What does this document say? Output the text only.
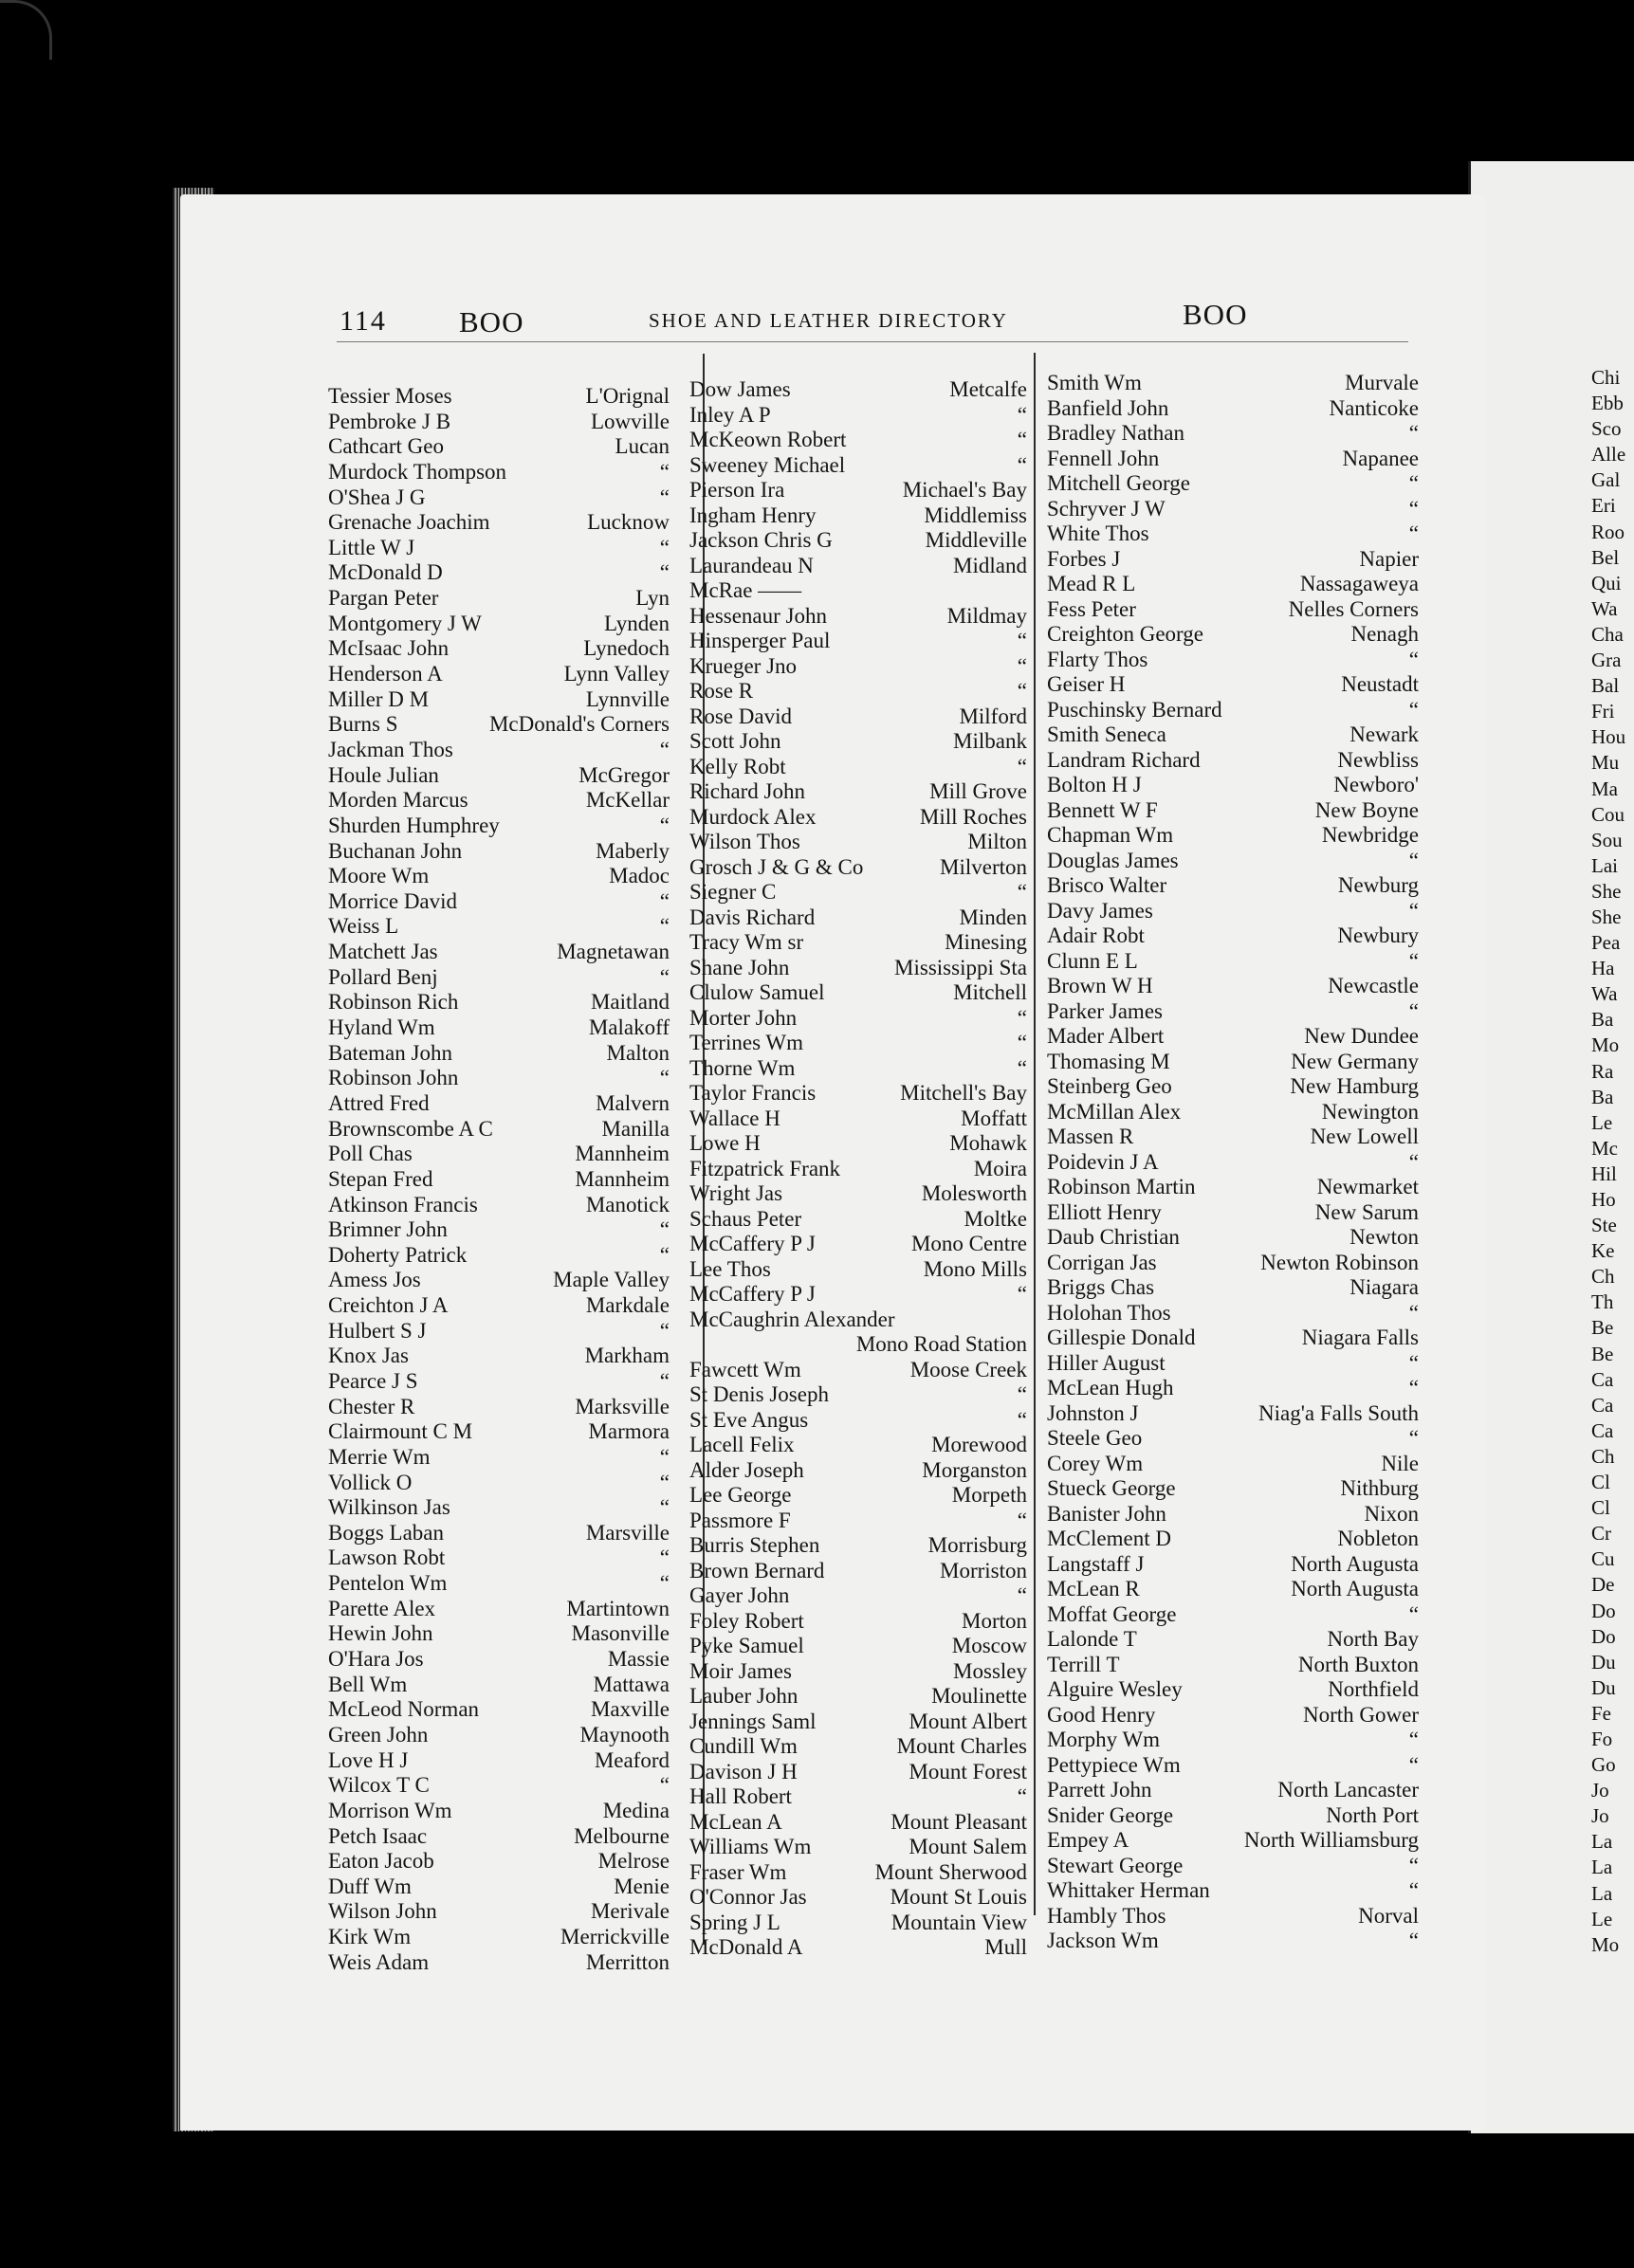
Chi
Ebb
Sco
Alle
Gal
Eri
Roo
Bel
Qui
Wa
Cha
Gra
Bal
Fri
Hou
Mu
Ma
Cou
Sou
Lai
She
She
Pea
Ha
Wa
Ba
Mo
Ra
Ba
Le
Mc
Hil
Ho
Ste
Ke
Ch
Th
Be
Be
Ca
Ca
Ca
Ch
Cl
Cl
Cr
Cu
De
Do
Do
Du
Du
Fe
Fo
Go
Jo
Jo
La
La
La
Le
Mo
114 BOO	SHOE AND LEATHER DIRECTORY	BOO
Tessier Moses	L'Orignal
Pembroke J B	Lowville
Cathcart Geo	Lucan
Murdock Thompson	“
O'Shea J G	“
Grenache Joachim	Lucknow
Little W J	“
McDonald D	“
Pargan Peter	Lyn
Montgomery J W	Lynden
McIsaac John	Lynedoch
Henderson A	Lynn Valley
Miller D M	Lynnville
Burns S	McDonald's Corners
Jackman Thos	“
Houle Julian	McGregor
Morden Marcus	McKellar
Shurden Humphrey	“
Buchanan John	Maberly
Moore Wm	Madoc
Morrice David	“
Weiss L	“
Matchett Jas	Magnetawan
Pollard Benj	“
Robinson Rich	Maitland
Hyland Wm	Malakoff
Bateman John	Malton
Robinson John	“
Attred Fred	Malvern
Brownscombe A C	Manilla
Poll Chas	Mannheim
Stepan Fred	Mannheim
Atkinson Francis	Manotick
Brimner John	“
Doherty Patrick	“
Amess Jos	Maple Valley
Creichton J A	Markdale
Hulbert S J	“
Knox Jas	Markham
Pearce J S	“
Chester R	Marksville
Clairmount C M	Marmora
Merrie Wm	“
Vollick O	“
Wilkinson Jas	“
Boggs Laban	Marsville
Lawson Robt	“
Pentelon Wm	“
Parette Alex	Martintown
Hewin John	Masonville
O'Hara Jos	Massie
Bell Wm	Mattawa
McLeod Norman	Maxville
Green John	Maynooth
Love H J	Meaford
Wilcox T C	“
Morrison Wm	Medina
Petch Isaac	Melbourne
Eaton Jacob	Melrose
Duff Wm	Menie
Wilson John	Merivale
Kirk Wm	Merrickville
Weis Adam	Merritton
Dow James	Metcalfe
Inley A P	“
McKeown Robert	“
Sweeney Michael	“
Pierson Ira	Michael's Bay
Ingham Henry	Middlemiss
Jackson Chris G	Middleville
Laurandeau N	Midland
McRae ——
Hessenaur John	Mildmay
Hinsperger Paul	“
Krueger Jno	“
Rose R	“
Rose David	Milford
Scott John	Milbank
Kelly Robt	“
Richard John	Mill Grove
Murdock Alex	Mill Roches
Wilson Thos	Milton
Grosch J & G & Co	Milverton
Siegner C	“
Davis Richard	Minden
Tracy Wm sr	Minesing
Shane John	Mississippi Sta
Clulow Samuel	Mitchell
Morter John	“
Terrines Wm	“
Thorne Wm	“
Taylor Francis	Mitchell's Bay
Wallace H	Moffatt
Lowe H	Mohawk
Fitzpatrick Frank	Moira
Wright Jas	Molesworth
Schaus Peter	Moltke
McCaffery P J	Mono Centre
Lee Thos	Mono Mills
McCaffery P J	“
McCaughrin Alexander
Mono Road Station
Fawcett Wm	Moose Creek
St Denis Joseph	“
St Eve Angus	“
Lacell Felix	Morewood
Alder Joseph	Morganston
Lee George	Morpeth
Passmore F	“
Burris Stephen	Morrisburg
Brown Bernard	Morriston
Gayer John	“
Foley Robert	Morton
Pyke Samuel	Moscow
Moir James	Mossley
Lauber John	Moulinette
Jennings Saml	Mount Albert
Cundill Wm	Mount Charles
Davison J H	Mount Forest
Hall Robert	“
McLean A	Mount Pleasant
Williams Wm	Mount Salem
Fraser Wm	Mount Sherwood
O'Connor Jas	Mount St Louis
Spring J L	Mountain View
McDonald A	Mull
Smith Wm	Murvale
Banfield John	Nanticoke
Bradley Nathan	“
Fennell John	Napanee
Mitchell George	“
Schryver J W	“
White Thos	“
Forbes J	Napier
Mead R L	Nassagaweya
Fess Peter	Nelles Corners
Creighton George	Nenagh
Flarty Thos	“
Geiser H	Neustadt
Puschinsky Bernard	“
Smith Seneca	Newark
Landram Richard	Newbliss
Bolton H J	Newboro'
Bennett W F	New Boyne
Chapman Wm	Newbridge
Douglas James	“
Brisco Walter	Newburg
Davy James	“
Adair Robt	Newbury
Clunn E L	“
Brown W H	Newcastle
Parker James	“
Mader Albert	New Dundee
Thomasing M	New Germany
Steinberg Geo	New Hamburg
McMillan Alex	Newington
Massen R	New Lowell
Poidevin J A	“
Robinson Martin	Newmarket
Elliott Henry	New Sarum
Daub Christian	Newton
Corrigan Jas	Newton Robinson
Briggs Chas	Niagara
Holohan Thos	“
Gillespie Donald	Niagara Falls
Hiller August	“
McLean Hugh	“
Johnston J	Niag'a Falls South
Steele Geo	“
Corey Wm	Nile
Stueck George	Nithburg
Banister John	Nixon
McClement D	Nobleton
Langstaff J	North Augusta
McLean R	North Augusta
Moffat George	“
Lalonde T	North Bay
Terrill T	North Buxton
Alguire Wesley	Northfield
Good Henry	North Gower
Morphy Wm	“
Pettypiece Wm	“
Parrett John	North Lancaster
Snider George	North Port
Empey A	North Williamsburg
Stewart George	“
Whittaker Herman	“
Hambly Thos	Norval
Jackson Wm	“
